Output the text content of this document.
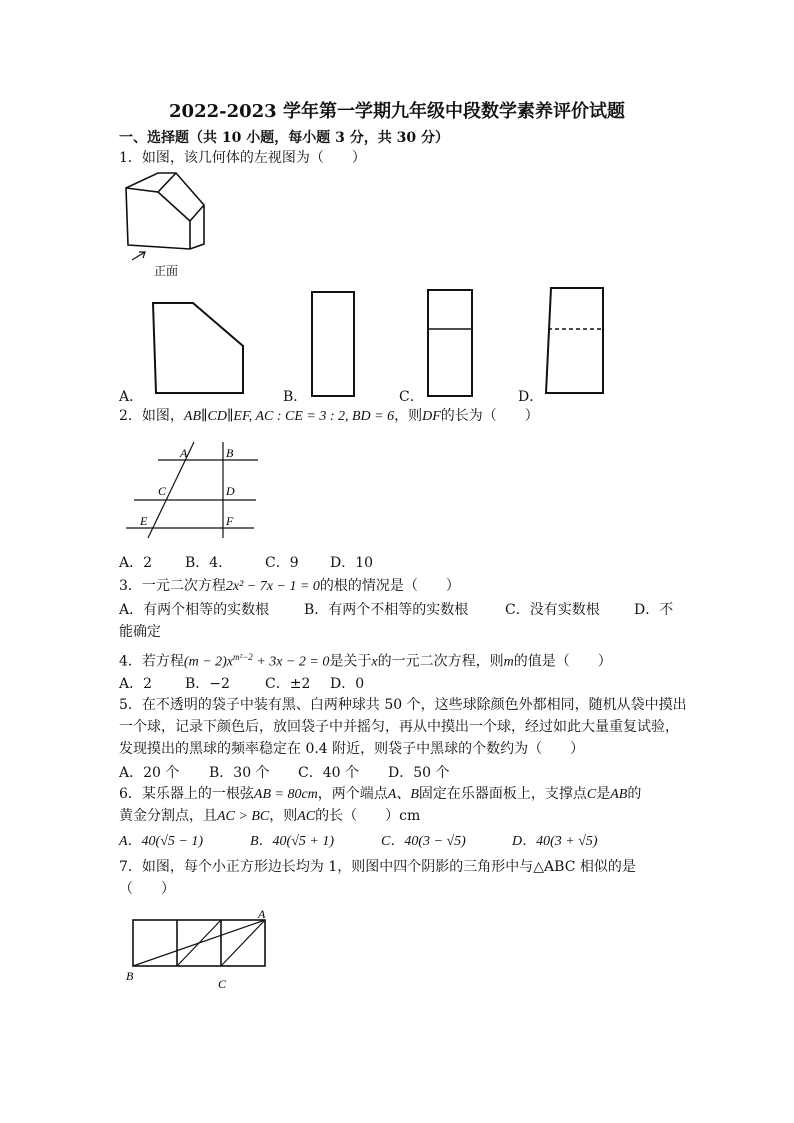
2022-2023 学年第一学期九年级中段数学素养评价试题
一、选择题（共 10 小题，每小题 3 分，共 30 分）
1．如图，该几何体的左视图为（　　）
正面
A．	B．	C．	D．
2．如图，AB∥CD∥EF, AC : CE = 3 : 2, BD = 6，则DF的长为（　　）
A	B
C	D
E	F
A．2 B．4． C．9 D．10
3．一元二次方程2x² − 7x − 1 = 0的根的情况是（　　）
A．有两个相等的实数根 B．有两个不相等的实数根	C．没有实数根 D．不
能确定
4．若方程$(m - 2)x^{m^2-2} + 3x - 2 = 0$是关于x的一元二次方程，则m的值是（　　）
A．2 B．−2	C．±2 D．0
5．在不透明的袋子中装有黑、白两种球共 50 个，这些球除颜色外都相同，随机从袋中摸出
一个球，记录下颜色后，放回袋子中并摇匀，再从中摸出一个球，经过如此大量重复试验，
发现摸出的黑球的频率稳定在 0.4 附近，则袋子中黑球的个数约为（　　）
A．20 个 B．30 个 C．40 个 D．50 个
6．某乐器上的一根弦AB = 80cm，两个端点A、B固定在乐器面板上，支撑点C是AB的
黄金分割点，且AC > BC，则AC的长（　　）cm
A．40(√5 − 1)	B．40(√5 + 1)	C．40(3 − √5)	D．40(3 + √5)
7．如图，每个小正方形边长均为 1，则图中四个阴影的三角形中与△ABC 相似的是
（　　）
A
B
C
